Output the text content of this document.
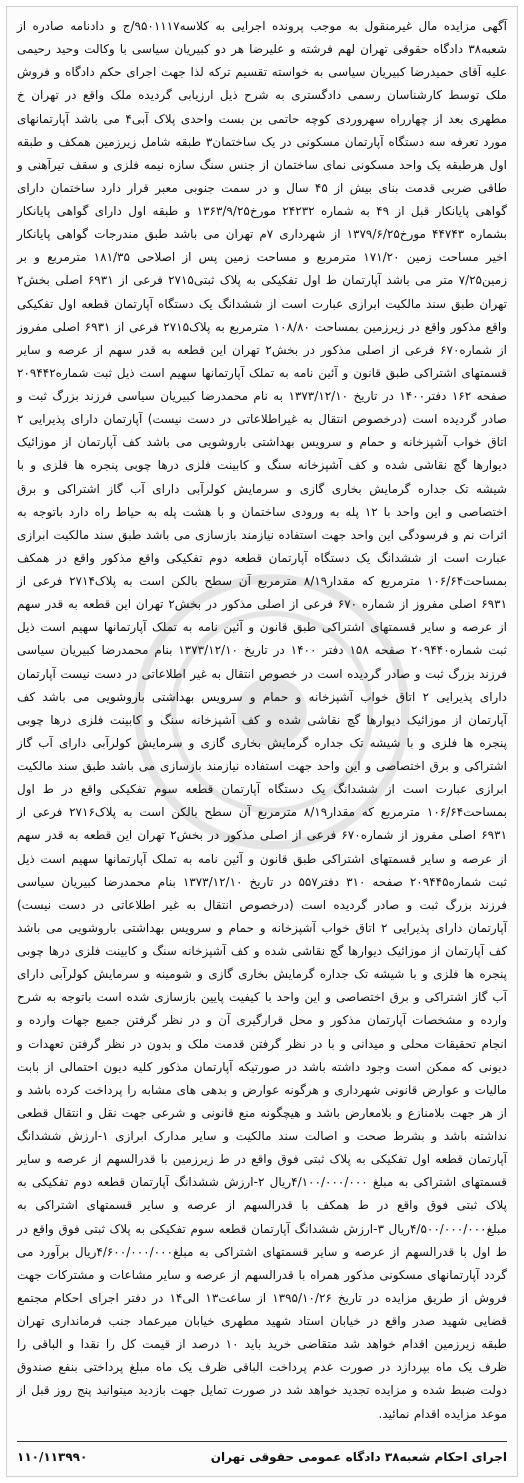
آگهی مزایده مال غیرمنقول به موجب پرونده اجرایی به کلاسه۹۵۰۱۱۱۷/ج و دادنامه صادره از شعبه۳۸ دادگاه حقوقی تهران لهم فرشته و علیرضا هر دو کبیریان سیاسی با وکالت وحید رحیمی علیه آقای حمیدرضا کبیریان سیاسی به خواسته تقسیم ترکه لذا جهت اجرای حکم دادگاه و فروش ملک توسط کارشناسان رسمی دادگستری به شرح ذیل ارزیابی گردیده ملک واقع در تهران خ مطهری بعد از چهارراه سهروردی کوچه حاتمی بن بست واحدی پلاک آبی۴ می باشد آپارتمانهای مورد تعرفه سه دستگاه آپارتمان مسکونی در یک ساختمان۳ طبقه شامل زیرزمین همکف و طبقه اول هرطبقه یک واحد مسکونی نمای ساختمان از جنس سنگ سازه نیمه فلزی و سقف تیرآهنی و طاقی ضربی قدمت بنای بیش از ۴۵ سال و در سمت جنوبی معبر قرار دارد ساختمان دارای گواهی پایانکار قبل از ۴۹ به شماره ۲۴۲۳۲ مورخ۱۳۶۳/۹/۲۵ و طبقه اول دارای گواهی پایانکار بشماره ۴۴۷۴۳ مورخ۱۳۷۹/۶/۲۵ از شهرداری ۷م تهران می باشد طبق مندرجات گواهی پایانکار اخیر مساحت زمین ۱۷۱/۲۰ مترمربع و مساحت زمین پس از اصلاحی ۱۸۱/۳۵ مترمربع و بر زمین۷/۲۵ متر می باشد آپارتمان ط اول تفکیکی به پلاک ثبتی۲۷۱۵ فرعی از ۶۹۳۱ اصلی بخش۲ تهران طبق سند مالکیت ابرازی عبارت است از ششدانگ یک دستگاه آپارتمان قطعه اول تفکیکی واقع مذکور واقع در زیرزمین بمساحت ۱۰۸/۸۰ مترمربع به پلاک۲۷۱۵ فرعی از ۶۹۳۱ اصلی مفروز از شماره۶۷۰ فرعی از اصلی مذکور در بخش۲ تهران این قطعه به قدر سهم از عرصه و سایر قسمتهای اشتراکی طبق قانون و آئین نامه به تملک آپارتمانها سهیم است ذیل ثبت شماره۲۰۹۴۴۲ صفحه ۱۶۲ دفتر۱۴۰۰ در تاریخ ۱۳۷۳/۱۲/۱۰ به نام محمدرضا کبیریان سیاسی فرزند بزرگ ثبت و صادر گردیده است (درخصوص انتقال به غیراطلاعاتی در دست نیست) آپارتمان دارای پذیرایی ۲ اتاق خواب آشپزخانه و حمام و سرویس بهداشتی باروشویی می باشد کف آپارتمان از موزائیک دیوارها گچ نقاشی شده و کف آشپزخانه سنگ و کابینت فلزی درها چوبی پنجره ها فلزی و با شیشه تک جداره گرمایش بخاری گازی و سرمایش کولرآبی دارای آب گاز اشتراکی و برق اختصاصی و این واحد با ۱۲ پله به ورودی ساختمان و با هشت پله به حیاط راه دارد باتوجه به اثرات نم و فرسودگی این واحد جهت استفاده نیازمند بازسازی می باشد طبق سند مالکیت ابرازی عبارت است از ششدانگ یک دستگاه آپارتمان قطعه دوم تفکیکی واقع مذکور واقع در همکف بمساحت۱۰۶/۶۴ مترمربع که مقدار۸/۱۹ مترمربع آن سطح بالکن است به پلاک۲۷۱۴ فرعی از ۶۹۳۱ اصلی مفروز از شماره ۶۷۰ فرعی از اصلی مذکور در بخش۲ تهران این قطعه به قدر سهم از عرصه و سایر قسمتهای اشتراکی طبق قانون و آئین نامه به تملک آپارتمانها سهیم است ذیل ثبت شماره۲۰۹۴۴۰ صفحه ۱۵۸ دفتر ۱۴۰۰ در تاریخ ۱۳۷۳/۱۲/۱۰ بنام محمدرضا کبیریان سیاسی فرزند بزرگ ثبت و صادر گردیده است در خصوص انتقال به غیر اطلاعاتی در دست نیست آپارتمان دارای پذیرایی ۲ اتاق خواب آشپزخانه و حمام و سرویس بهداشتی باروشویی می باشد کف آپارتمان از موزائیک دیوارها گچ نقاشی شده و کف آشپزخانه سنگ و کابینت فلزی درها چوبی پنجره ها فلزی و با شیشه تک جداره گرمایش بخاری گازی و سرمایش کولرآبی دارای آب گاز اشتراکی و برق اختصاصی و این واحد جهت استفاده نیازمند بازسازی می باشد طبق سند مالکیت ابرازی عبارت است از ششدانگ یک دستگاه آپارتمان قطعه سوم تفکیکی واقع در ط اول بمساحت۱۰۶/۶۴ مترمربع که مقدار۸/۱۹ مترمربع آن سطح بالکن است به پلاک۲۷۱۶ فرعی از ۶۹۳۱ اصلی مفروز از شماره۶۷۰ فرعی از اصلی مذکور در بخش۲ تهران این قطعه به قدر سهم از عرصه و سایر قسمتهای اشتراکی طبق قانون و آئین نامه به تملک آپارتمانها سهیم است ذیل ثبت شماره۲۰۹۴۴۵ صفحه ۳۱۰ دفتر۵۵۷ در تاریخ ۱۳۷۳/۱۲/۱۰ بنام محمدرضا کبیریان سیاسی فرزند بزرگ ثبت و صادر گردیده است (درخصوص انتقال به غیر اطلاعاتی در دست نیست) آپارتمان دارای پذیرایی ۲ اتاق خواب آشپزخانه و حمام و سرویس بهداشتی باروشویی می باشد کف آپارتمان از موزائیک دیوارها گچ نقاشی شده و کف آشپزخانه سنگ و کابینت فلزی درها چوبی پنجره ها فلزی و با شیشه تک جداره گرمایش بخاری گازی و شومینه و سرمایش کولرآبی دارای آب گاز اشتراکی و برق اختصاصی و این واحد با کیفیت پایین بازسازی شده است باتوجه به شرح وارده و مشخصات آپارتمان مذکور و محل قرارگیری آن و در نظر گرفتن جمیع جهات وارده و انجام تحقیقات محلی و میدانی و با در نظر گرفتن قدمت ملک و بدون در نظر گرفتن تعهدات و دیونی که ممکن است وجود داشته باشد در صورتیکه آپارتمان مذکور کلیه دیون احتمالی از بابت مالیات و عوارض قانونی شهرداری و هرگونه عوارض و بدهی های مشابه را پرداخت کرده باشد و از هر جهت بلامنازع و بلامعارض باشد و هیچگونه منع قانونی و شرعی جهت نقل و انتقال قطعی نداشته باشد و بشرط صحت و اصالت سند مالکیت و سایر مدارک ابرازی ۱-ارزش ششدانگ آپارتمان قطعه اول تفکیکی به پلاک ثبتی فوق واقع در ط زیرزمین با قدرالسهم از عرصه و سایر قسمتهای اشتراکی به مبلغ ۴/۱۰۰/۰۰۰/۰۰۰ریال ۲-ارزش ششدانگ آپارتمان قطعه دوم تفکیکی به پلاک ثبتی فوق واقع در ط همکف با قدرالسهم از عرصه و سایر قسمتهای اشتراکی به مبلغ۴/۵۰۰/۰۰۰/۰۰۰ریال ۳-ارزش ششدانگ آپارتمان قطعه سوم تفکیکی به پلاک ثبتی فوق واقع در ط اول با قدرالسهم از عرصه و سایر قسمتهای اشتراکی به مبلغ۴/۶۰۰/۰۰۰/۰۰۰ریال برآورد می گردد آپارتمانهای مسکونی مذکور همراه با قدرالسهم از عرصه و سایر مشاعات و مشترکات جهت فروش از طریق مزایده در تاریخ ۱۳۹۵/۱۰/۲۶ از ساعت۱۳ الی۱۴ در دفتر اجرای احکام مجتمع قضایی شهید صدر واقع در خیابان استاد شهید مطهری خیابان میرعماد جنب فرمانداری تهران طبقه زیرزمین اقدام خواهد شد متقاضی خرید باید ۱۰ درصد از قیمت کل را نقدا و الباقی را ظرف یک ماه بپردازد در صورت عدم پرداخت الباقی ظرف یک ماه مبلغ پرداختی بنفع صندوق دولت ضبط شده و مزایده تجدید خواهد شد در صورت تمایل جهت بازدید میتوانید پنج روز قبل از موعد مزایده اقدام نمائید.

اجرای احکام شعبه۳۸ دادگاه عمومی حقوقی تهران
۱۱۰/۱۱۳۹۹۰
